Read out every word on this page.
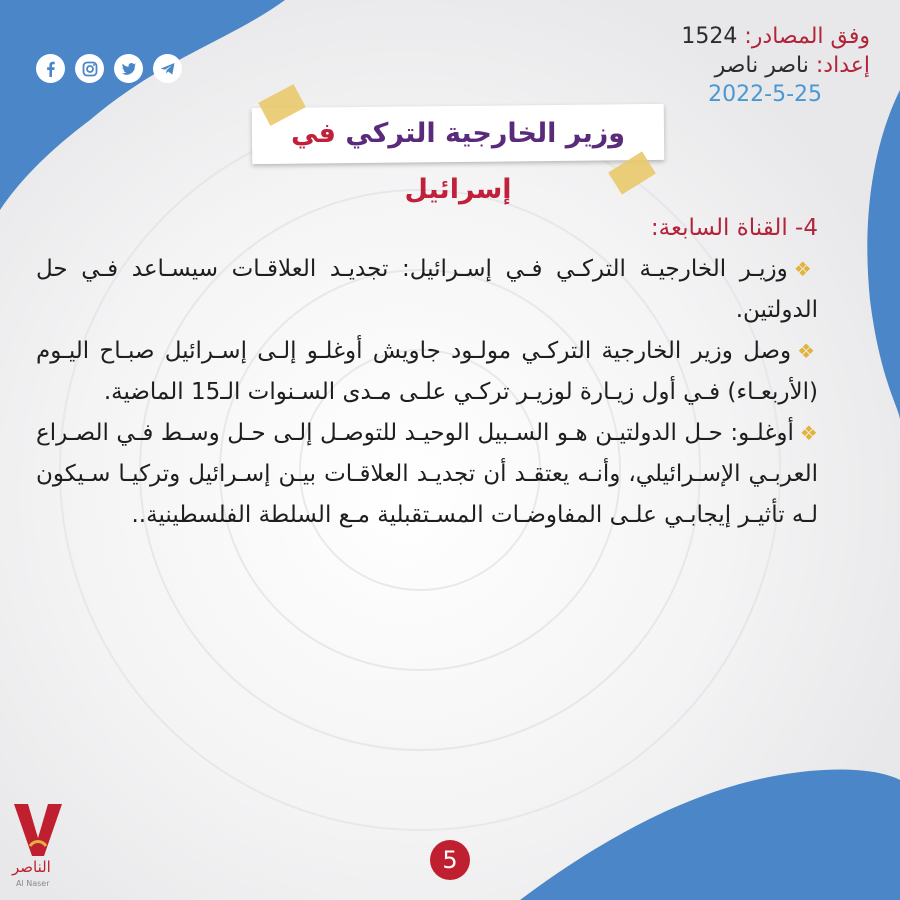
وفق المصادر: 1524
إعداد: ناصر ناصر
2022-5-25
وزير الخارجية التركي في إسرائيل

4- القناة السابعة:

❖وزيـر الخارجيـة التركـي فـي إسـرائيل: تجديـد العلاقـات سيسـاعد فـي حل الدولتين.

❖وصل وزير الخارجية التركـي مولـود جاويش أوغلـو إلـى إسـرائيل صبـاح اليـوم (الأربعـاء) فـي أول زيـارة لوزيـر تركـي علـى مـدى السـنوات الـ15 الماضية.

❖أوغلـو: حـل الدولتيـن هـو السـبيل الوحيـد للتوصـل إلـى حـل وسـط فـي الصـراع العربـي الإسـرائيلي، وأنـه يعتقـد أن تجديـد العلاقـات بيـن إسـرائيل وتركيـا سـيكون لـه تأثيـر إيجابـي علـى المفاوضـات المسـتقبلية مـع السلطة الفلسطينية..

5
الناصر
Al Naser
